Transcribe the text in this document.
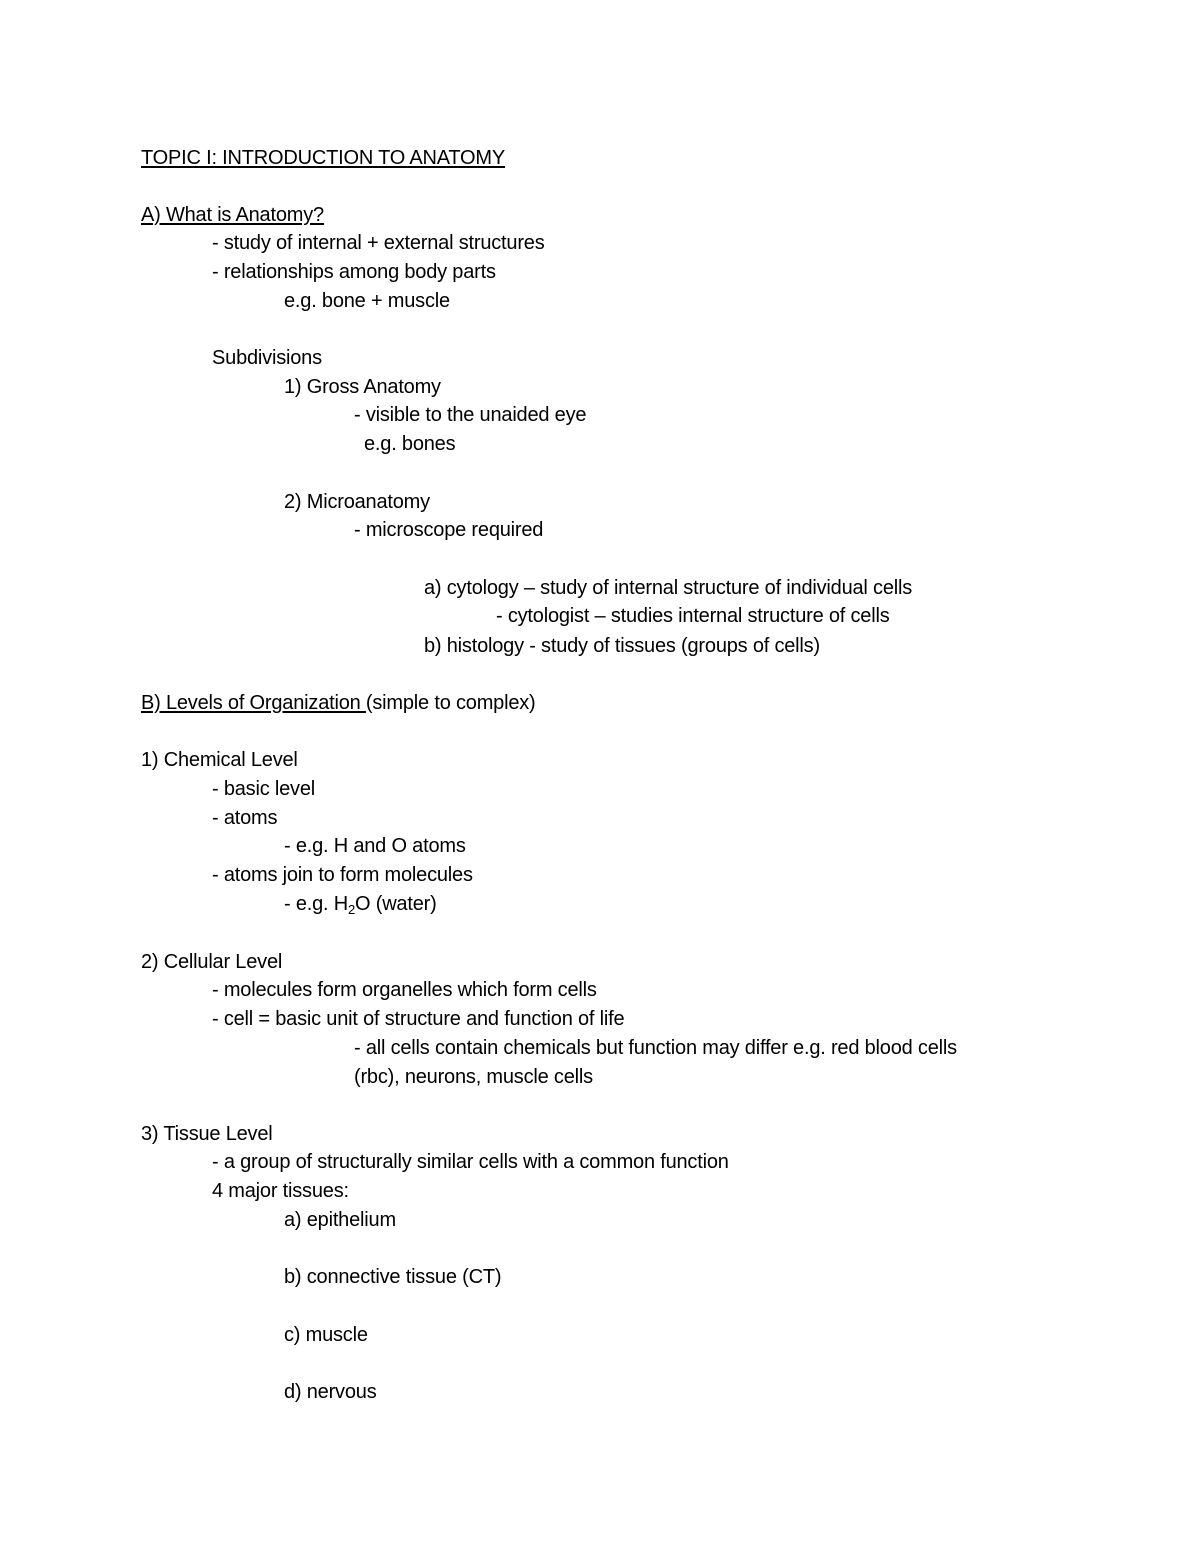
TOPIC I: INTRODUCTION TO ANATOMY
A) What is Anatomy?
- study of internal + external structures
- relationships among body parts
e.g. bone + muscle
Subdivisions
1) Gross Anatomy
- visible to the unaided eye
e.g. bones
2) Microanatomy
- microscope required
a) cytology – study of internal structure of individual cells
- cytologist – studies internal structure of cells
b) histology - study of tissues (groups of cells)
B) Levels of Organization (simple to complex)
1) Chemical Level
- basic level
- atoms
- e.g. H and O atoms
- atoms join to form molecules
- e.g. $H_2O$ (water)
2) Cellular Level
- molecules form organelles which form cells
- cell = basic unit of structure and function of life
- all cells contain chemicals but function may differ e.g. red blood cells
(rbc), neurons, muscle cells
3) Tissue Level
- a group of structurally similar cells with a common function
4 major tissues:
a) epithelium
b) connective tissue (CT)
c) muscle
d) nervous
